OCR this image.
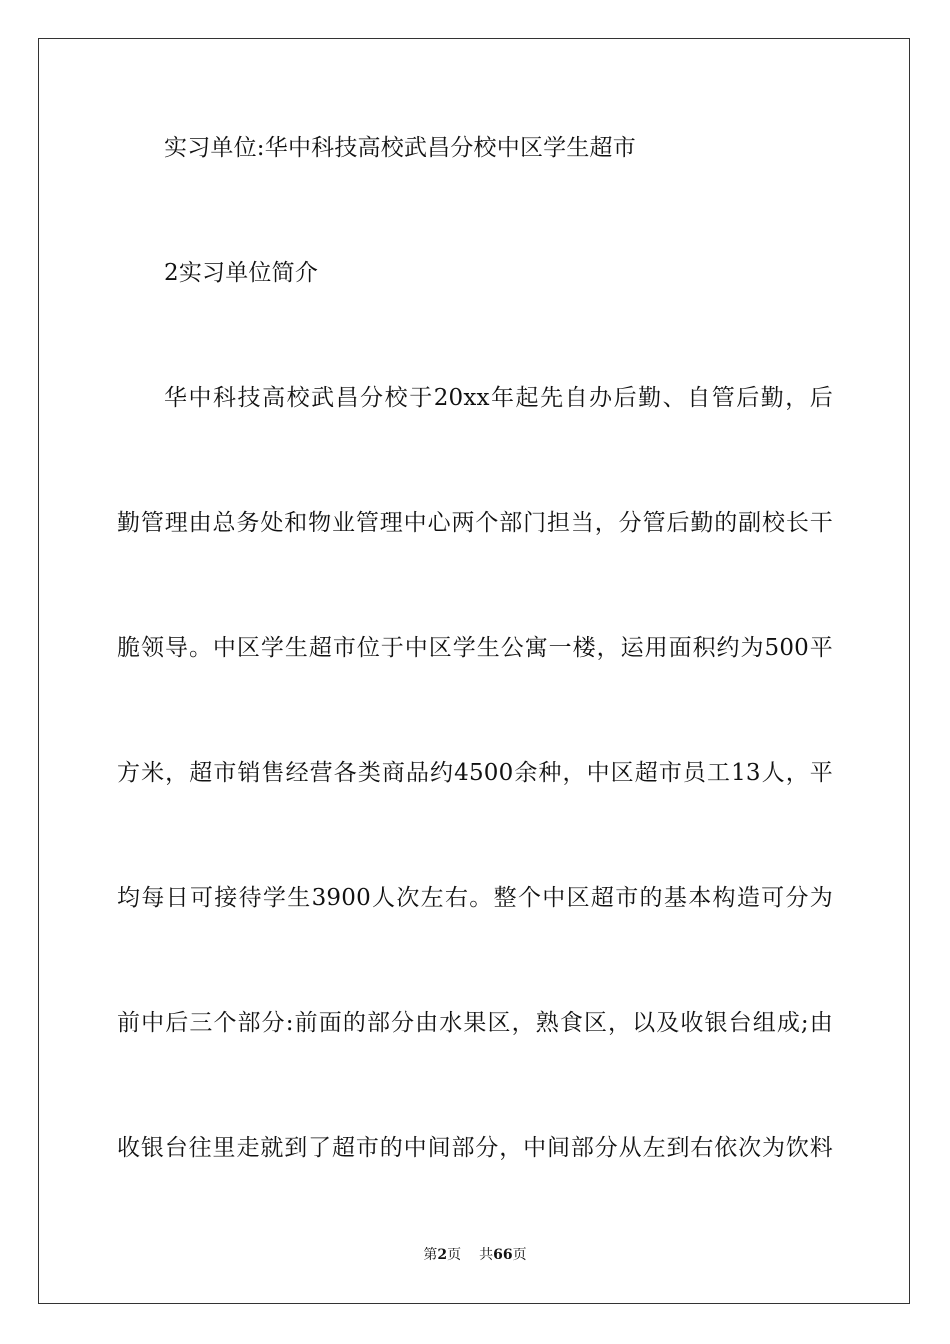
实习单位:华中科技高校武昌分校中区学生超市
2实习单位简介
华中科技高校武昌分校于20xx年起先自办后勤、自管后勤，后
勤管理由总务处和物业管理中心两个部门担当，分管后勤的副校长干
脆领导。中区学生超市位于中区学生公寓一楼，运用面积约为500平
方米，超市销售经营各类商品约4500余种，中区超市员工13人，平
均每日可接待学生3900人次左右。整个中区超市的基本构造可分为
前中后三个部分:前面的部分由水果区，熟食区，以及收银台组成;由
收银台往里走就到了超市的中间部分，中间部分从左到右依次为饮料
第2页 共66页
